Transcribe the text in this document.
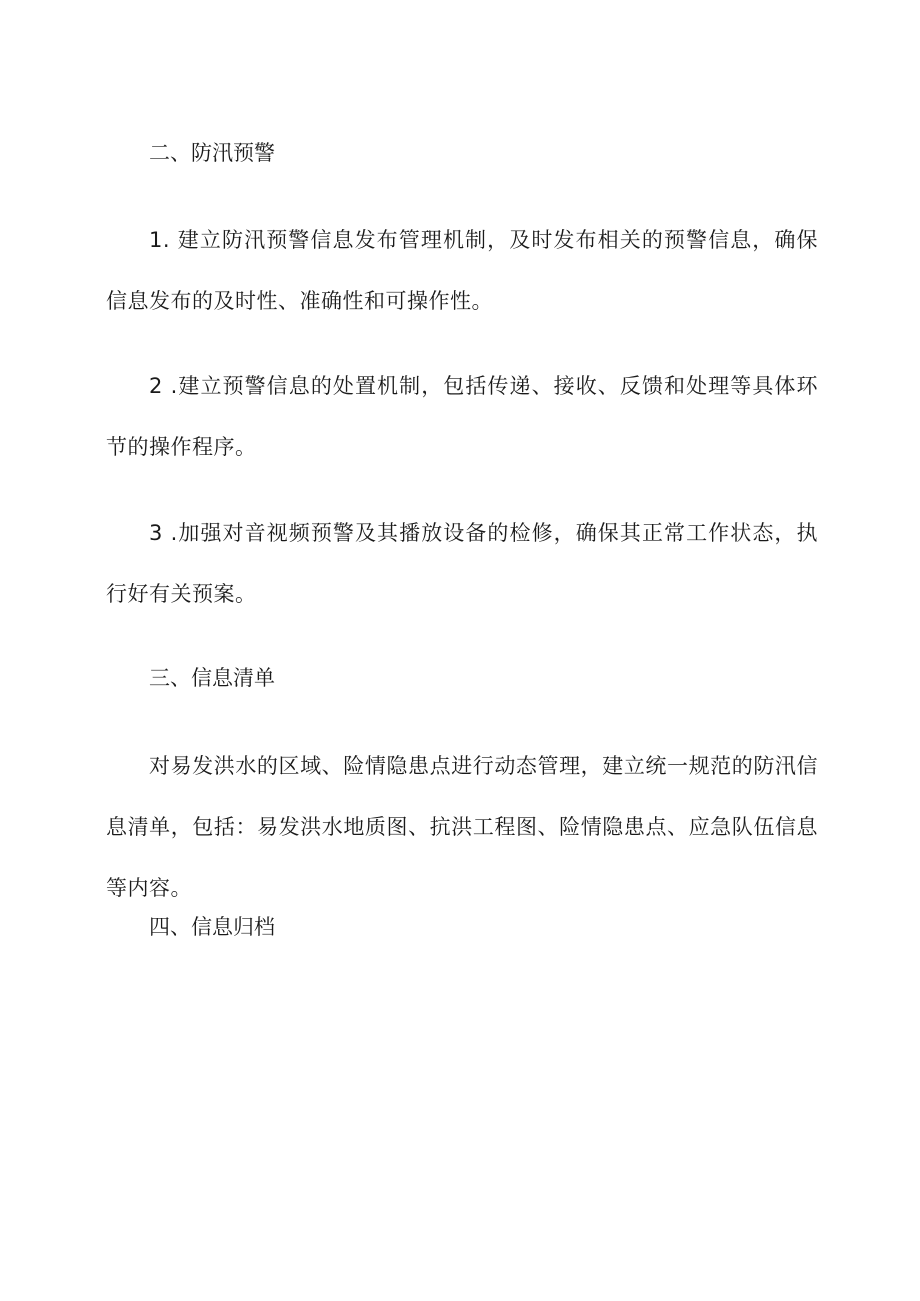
二、防汛预警

1. 建立防汛预警信息发布管理机制，及时发布相关的预警信息，确保信息发布的及时性、准确性和可操作性。

2 .建立预警信息的处置机制，包括传递、接收、反馈和处理等具体环节的操作程序。

3 .加强对音视频预警及其播放设备的检修，确保其正常工作状态，执行好有关预案。

三、信息清单

对易发洪水的区域、险情隐患点进行动态管理，建立统一规范的防汛信息清单，包括：易发洪水地质图、抗洪工程图、险情隐患点、应急队伍信息等内容。

四、信息归档
